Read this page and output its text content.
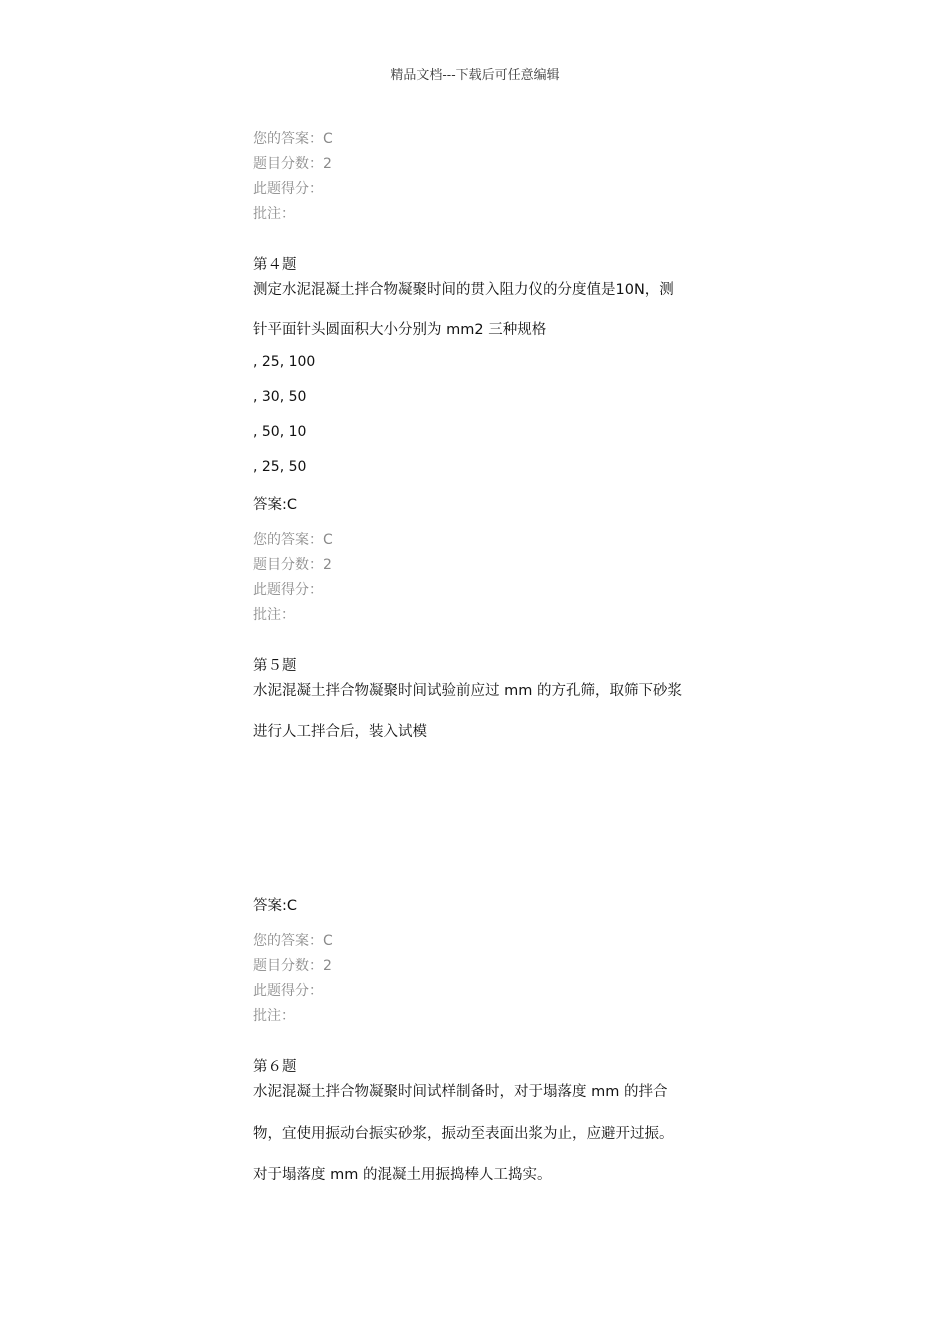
精品文档---下载后可任意编辑
您的答案：C
题目分数：2
此题得分：
批注：
第４题
测定水泥混凝土拌合物凝聚时间的贯入阻力仪的分度值是10N，测
针平面针头圆面积大小分别为 mm2 三种规格
, 25, 100
, 30, 50
, 50, 10
, 25, 50
答案:C
您的答案：C
题目分数：2
此题得分：
批注：
第５题
水泥混凝土拌合物凝聚时间试验前应过 mm 的方孔筛，取筛下砂浆
进行人工拌合后，装入试模
答案:C
您的答案：C
题目分数：2
此题得分：
批注：
第６题
水泥混凝土拌合物凝聚时间试样制备时，对于塌落度 mm 的拌合
物，宜使用振动台振实砂浆，振动至表面出浆为止，应避开过振。
对于塌落度 mm 的混凝土用振捣棒人工捣实。
